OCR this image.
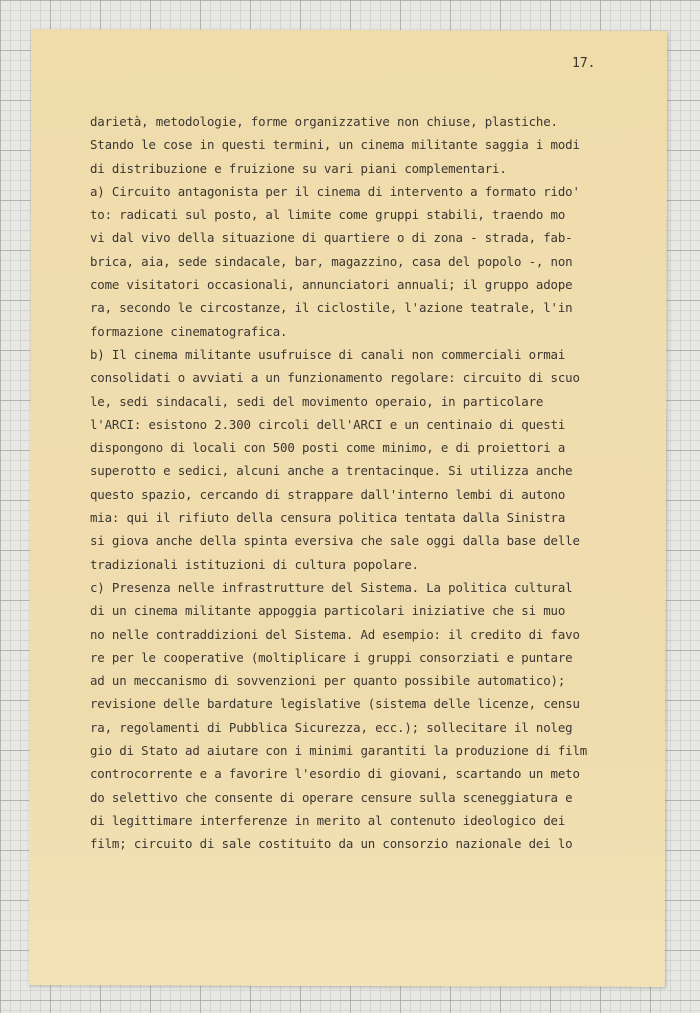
17.
darietà, metodologie, forme organizzative non chiuse, plastiche.
Stando le cose in questi termini, un cinema militante saggia i modi
di distribuzione e fruizione su vari piani complementari.
a) Circuito antagonista per il cinema di intervento a formato rido'
to: radicati sul posto, al limite come gruppi stabili, traendo mo
vi dal vivo della situazione di quartiere o di zona - strada, fab-
brica, aia, sede sindacale, bar, magazzino, casa del popolo -, non
come visitatori occasionali, annunciatori annuali; il gruppo adope
ra, secondo le circostanze, il ciclostile, l'azione teatrale, l'in
formazione cinematografica.
b) Il cinema militante usufruisce di canali non commerciali ormai
consolidati o avviati a un funzionamento regolare: circuito di scuo
le, sedi sindacali, sedi del movimento operaio, in particolare
l'ARCI: esistono 2.300 circoli dell'ARCI e un centinaio di questi
dispongono di locali con 500 posti come minimo, e di proiettori a
superotto e sedici, alcuni anche a trentacinque. Si utilizza anche
questo spazio, cercando di strappare dall'interno lembi di autono
mia: qui il rifiuto della censura politica tentata dalla Sinistra
si giova anche della spinta eversiva che sale oggi dalla base delle
tradizionali istituzioni di cultura popolare.
c) Presenza nelle infrastrutture del Sistema. La politica cultural
di un cinema militante appoggia particolari iniziative che si muo
no nelle contraddizioni del Sistema. Ad esempio: il credito di favo
re per le cooperative (moltiplicare i gruppi consorziati e puntare
ad un meccanismo di sovvenzioni per quanto possibile automatico);
revisione delle bardature legislative (sistema delle licenze, censu
ra, regolamenti di Pubblica Sicurezza, ecc.); sollecitare il noleg
gio di Stato ad aiutare con i minimi garantiti la produzione di film
controcorrente e a favorire l'esordio di giovani, scartando un meto
do selettivo che consente di operare censure sulla sceneggiatura e
di legittimare interferenze in merito al contenuto ideologico dei
film; circuito di sale costituito da un consorzio nazionale dei lo
